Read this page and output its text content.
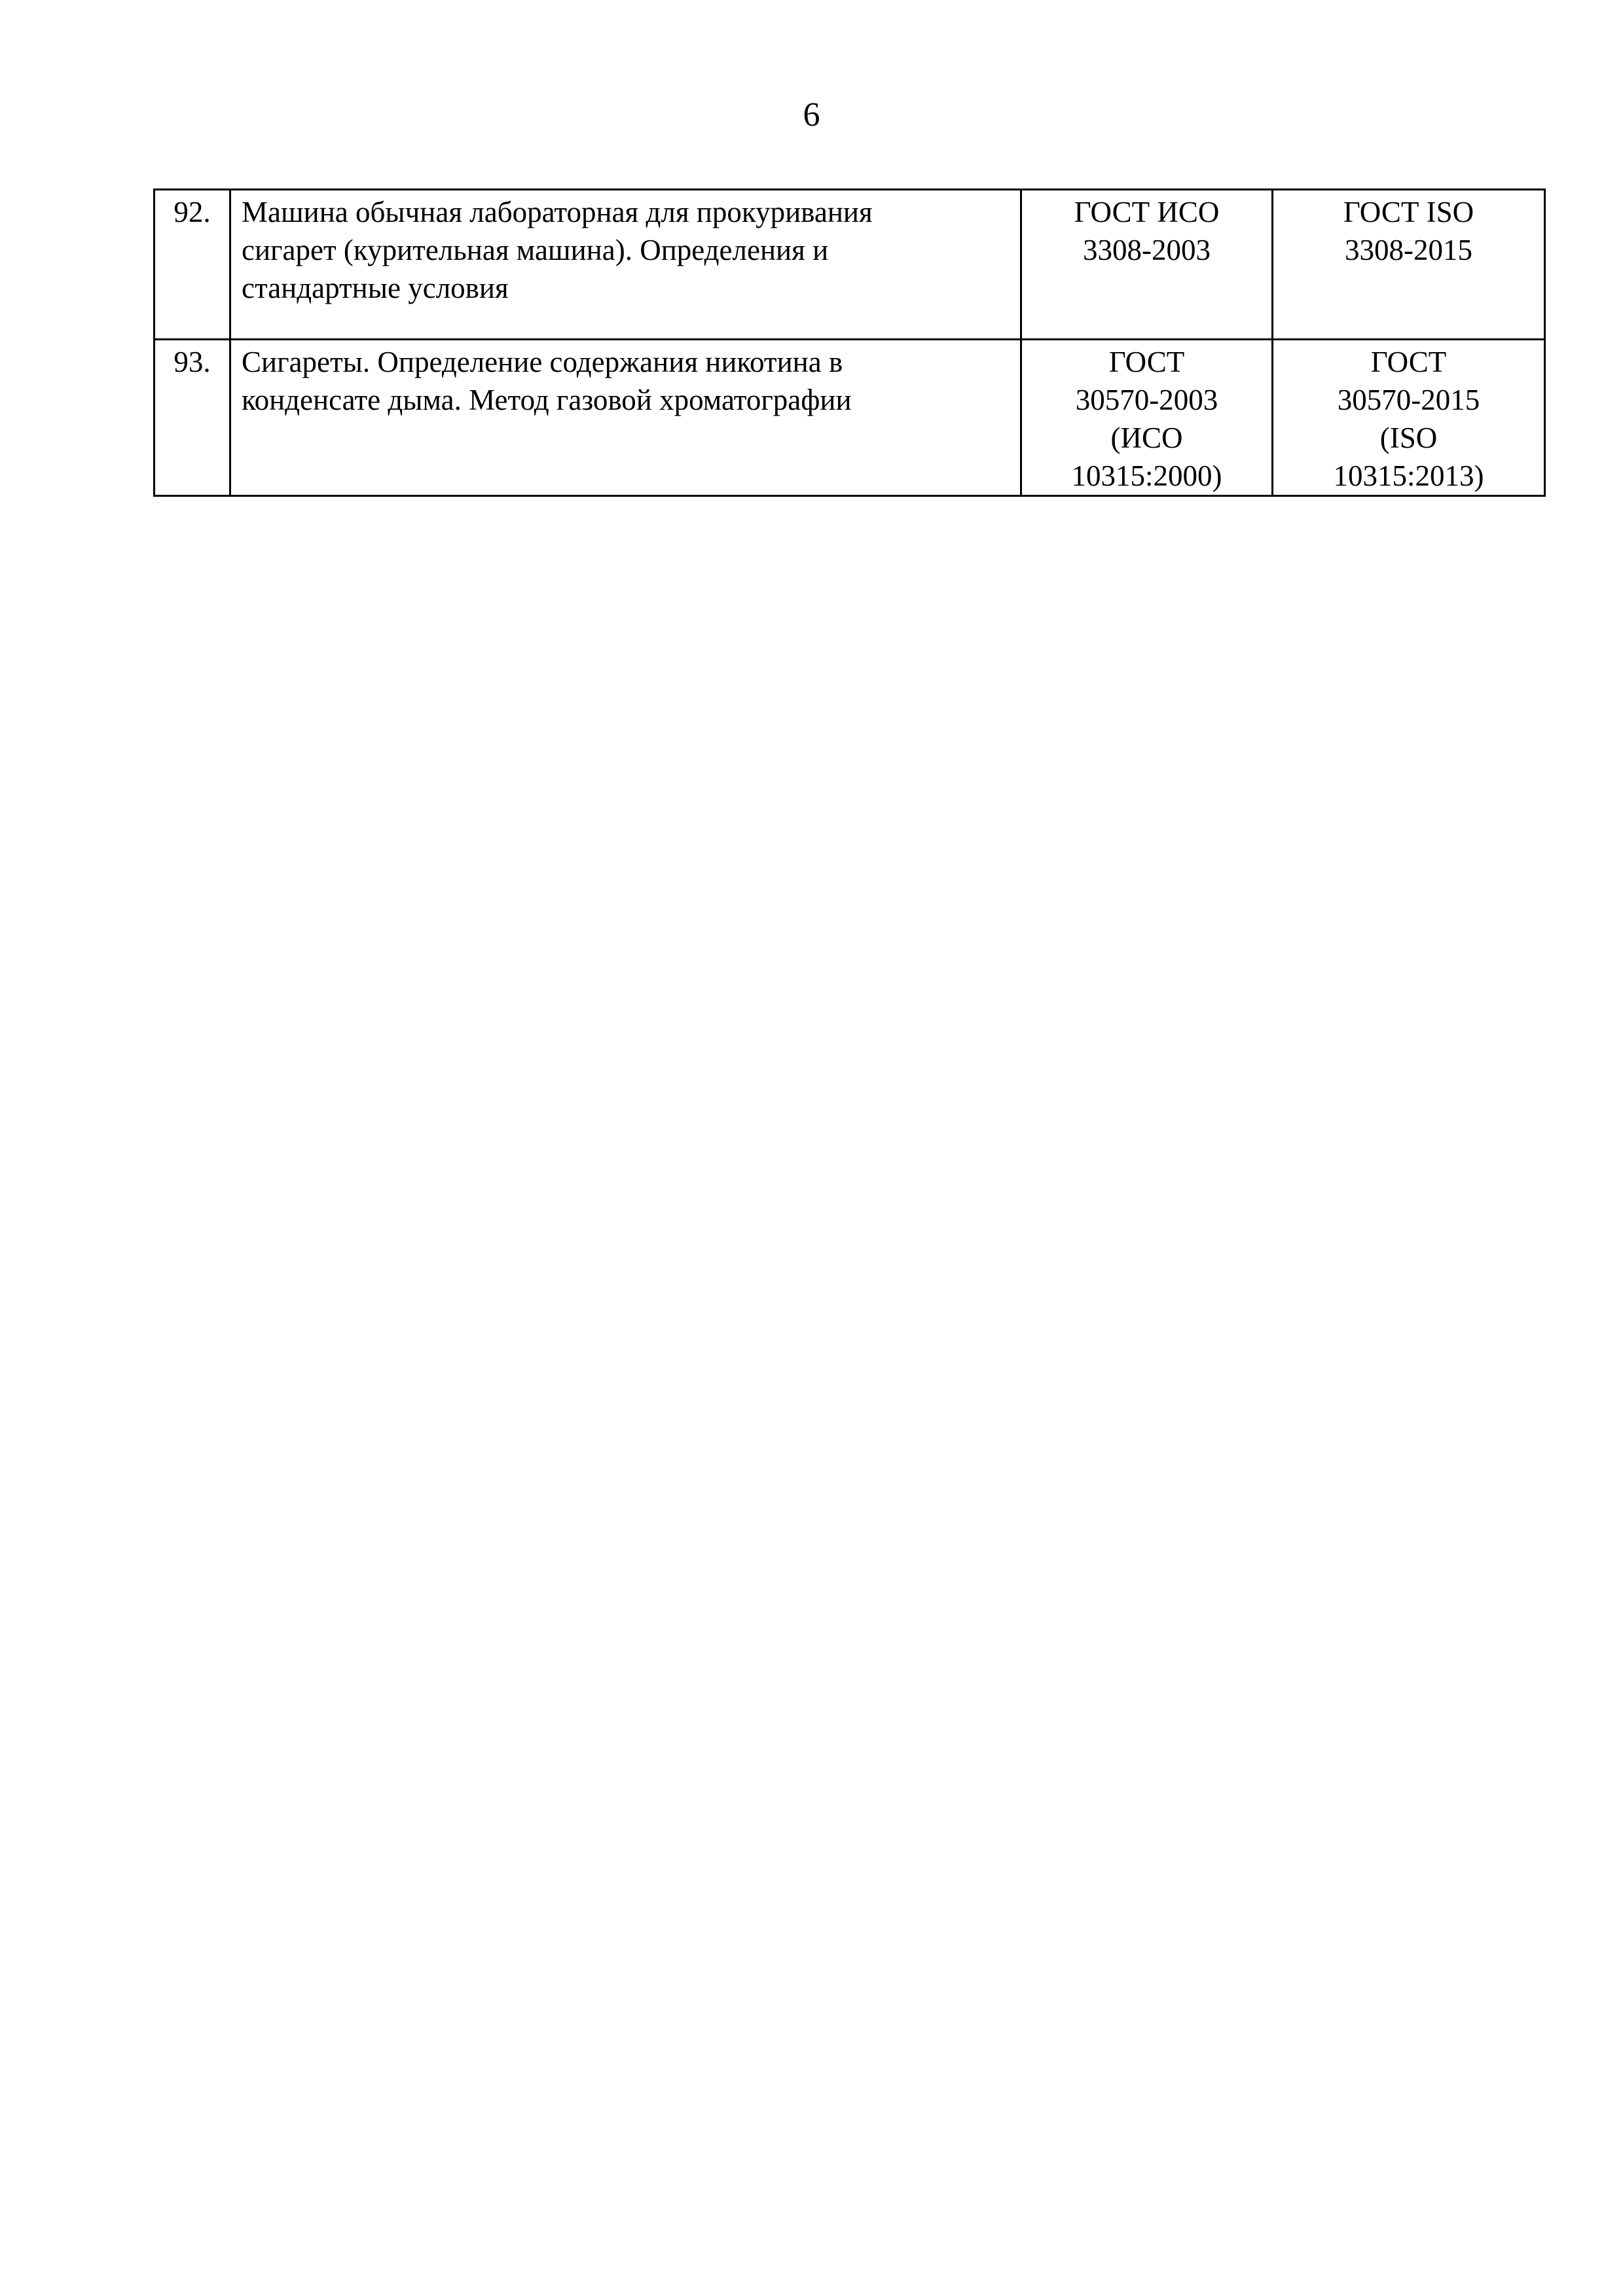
6
92.	Машина обычная лабораторная для прокуривания
сигарет (курительная машина). Определения и
стандартные условия	ГОСТ ИСО
3308-2003	ГОСТ ISO
3308-2015

93.	Сигареты. Определение содержания никотина в
конденсате дыма. Метод газовой хроматографии	ГОСТ
30570-2003
(ИСО
10315:2000)	ГОСТ
30570-2015
(ISO
10315:2013)
